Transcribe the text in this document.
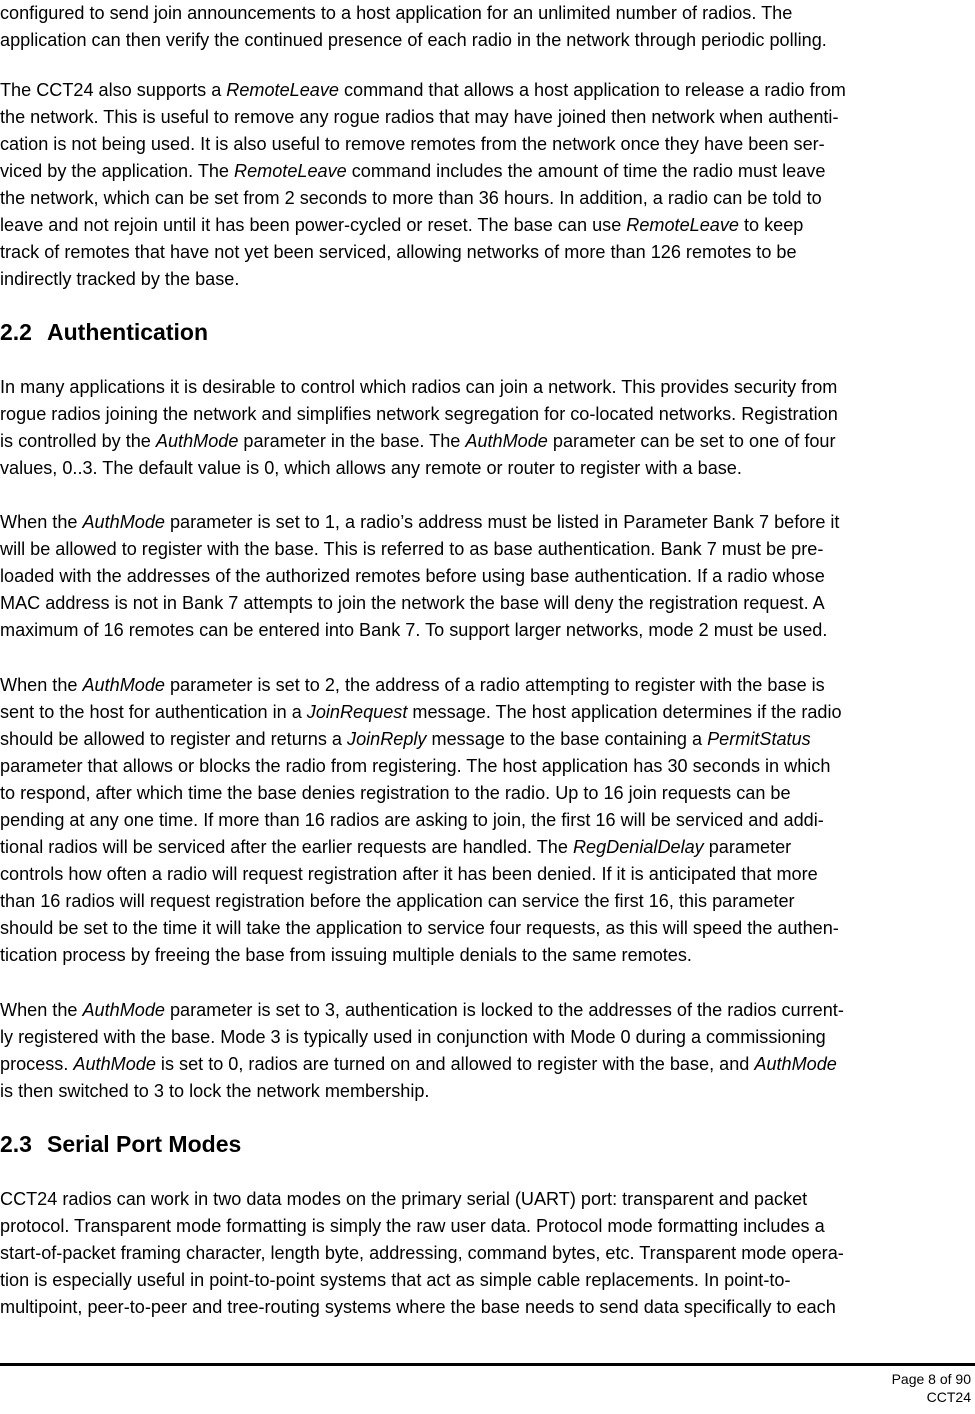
configured to send join announcements to a host application for an unlimited number of radios. The
application can then verify the continued presence of each radio in the network through periodic polling.
The CCT24 also supports a RemoteLeave command that allows a host application to release a radio from
the network. This is useful to remove any rogue radios that may have joined then network when authenti-
cation is not being used. It is also useful to remove remotes from the network once they have been ser-
viced by the application. The RemoteLeave command includes the amount of time the radio must leave
the network, which can be set from 2 seconds to more than 36 hours. In addition, a radio can be told to
leave and not rejoin until it has been power-cycled or reset. The base can use RemoteLeave to keep
track of remotes that have not yet been serviced, allowing networks of more than 126 remotes to be
indirectly tracked by the base.
2.2 Authentication
In many applications it is desirable to control which radios can join a network. This provides security from
rogue radios joining the network and simplifies network segregation for co-located networks. Registration
is controlled by the AuthMode parameter in the base. The AuthMode parameter can be set to one of four
values, 0..3. The default value is 0, which allows any remote or router to register with a base.
When the AuthMode parameter is set to 1, a radio’s address must be listed in Parameter Bank 7 before it
will be allowed to register with the base. This is referred to as base authentication. Bank 7 must be pre-
loaded with the addresses of the authorized remotes before using base authentication. If a radio whose
MAC address is not in Bank 7 attempts to join the network the base will deny the registration request. A
maximum of 16 remotes can be entered into Bank 7. To support larger networks, mode 2 must be used.
When the AuthMode parameter is set to 2, the address of a radio attempting to register with the base is
sent to the host for authentication in a JoinRequest message. The host application determines if the radio
should be allowed to register and returns a JoinReply message to the base containing a PermitStatus
parameter that allows or blocks the radio from registering. The host application has 30 seconds in which
to respond, after which time the base denies registration to the radio. Up to 16 join requests can be
pending at any one time. If more than 16 radios are asking to join, the first 16 will be serviced and addi-
tional radios will be serviced after the earlier requests are handled. The RegDenialDelay parameter
controls how often a radio will request registration after it has been denied. If it is anticipated that more
than 16 radios will request registration before the application can service the first 16, this parameter
should be set to the time it will take the application to service four requests, as this will speed the authen-
tication process by freeing the base from issuing multiple denials to the same remotes.
When the AuthMode parameter is set to 3, authentication is locked to the addresses of the radios current-
ly registered with the base. Mode 3 is typically used in conjunction with Mode 0 during a commissioning
process. AuthMode is set to 0, radios are turned on and allowed to register with the base, and AuthMode
is then switched to 3 to lock the network membership.
2.3 Serial Port Modes
CCT24 radios can work in two data modes on the primary serial (UART) port: transparent and packet
protocol. Transparent mode formatting is simply the raw user data. Protocol mode formatting includes a
start-of-packet framing character, length byte, addressing, command bytes, etc. Transparent mode opera-
tion is especially useful in point-to-point systems that act as simple cable replacements. In point-to-
multipoint, peer-to-peer and tree-routing systems where the base needs to send data specifically to each
Page 8 of 90
CCT24
